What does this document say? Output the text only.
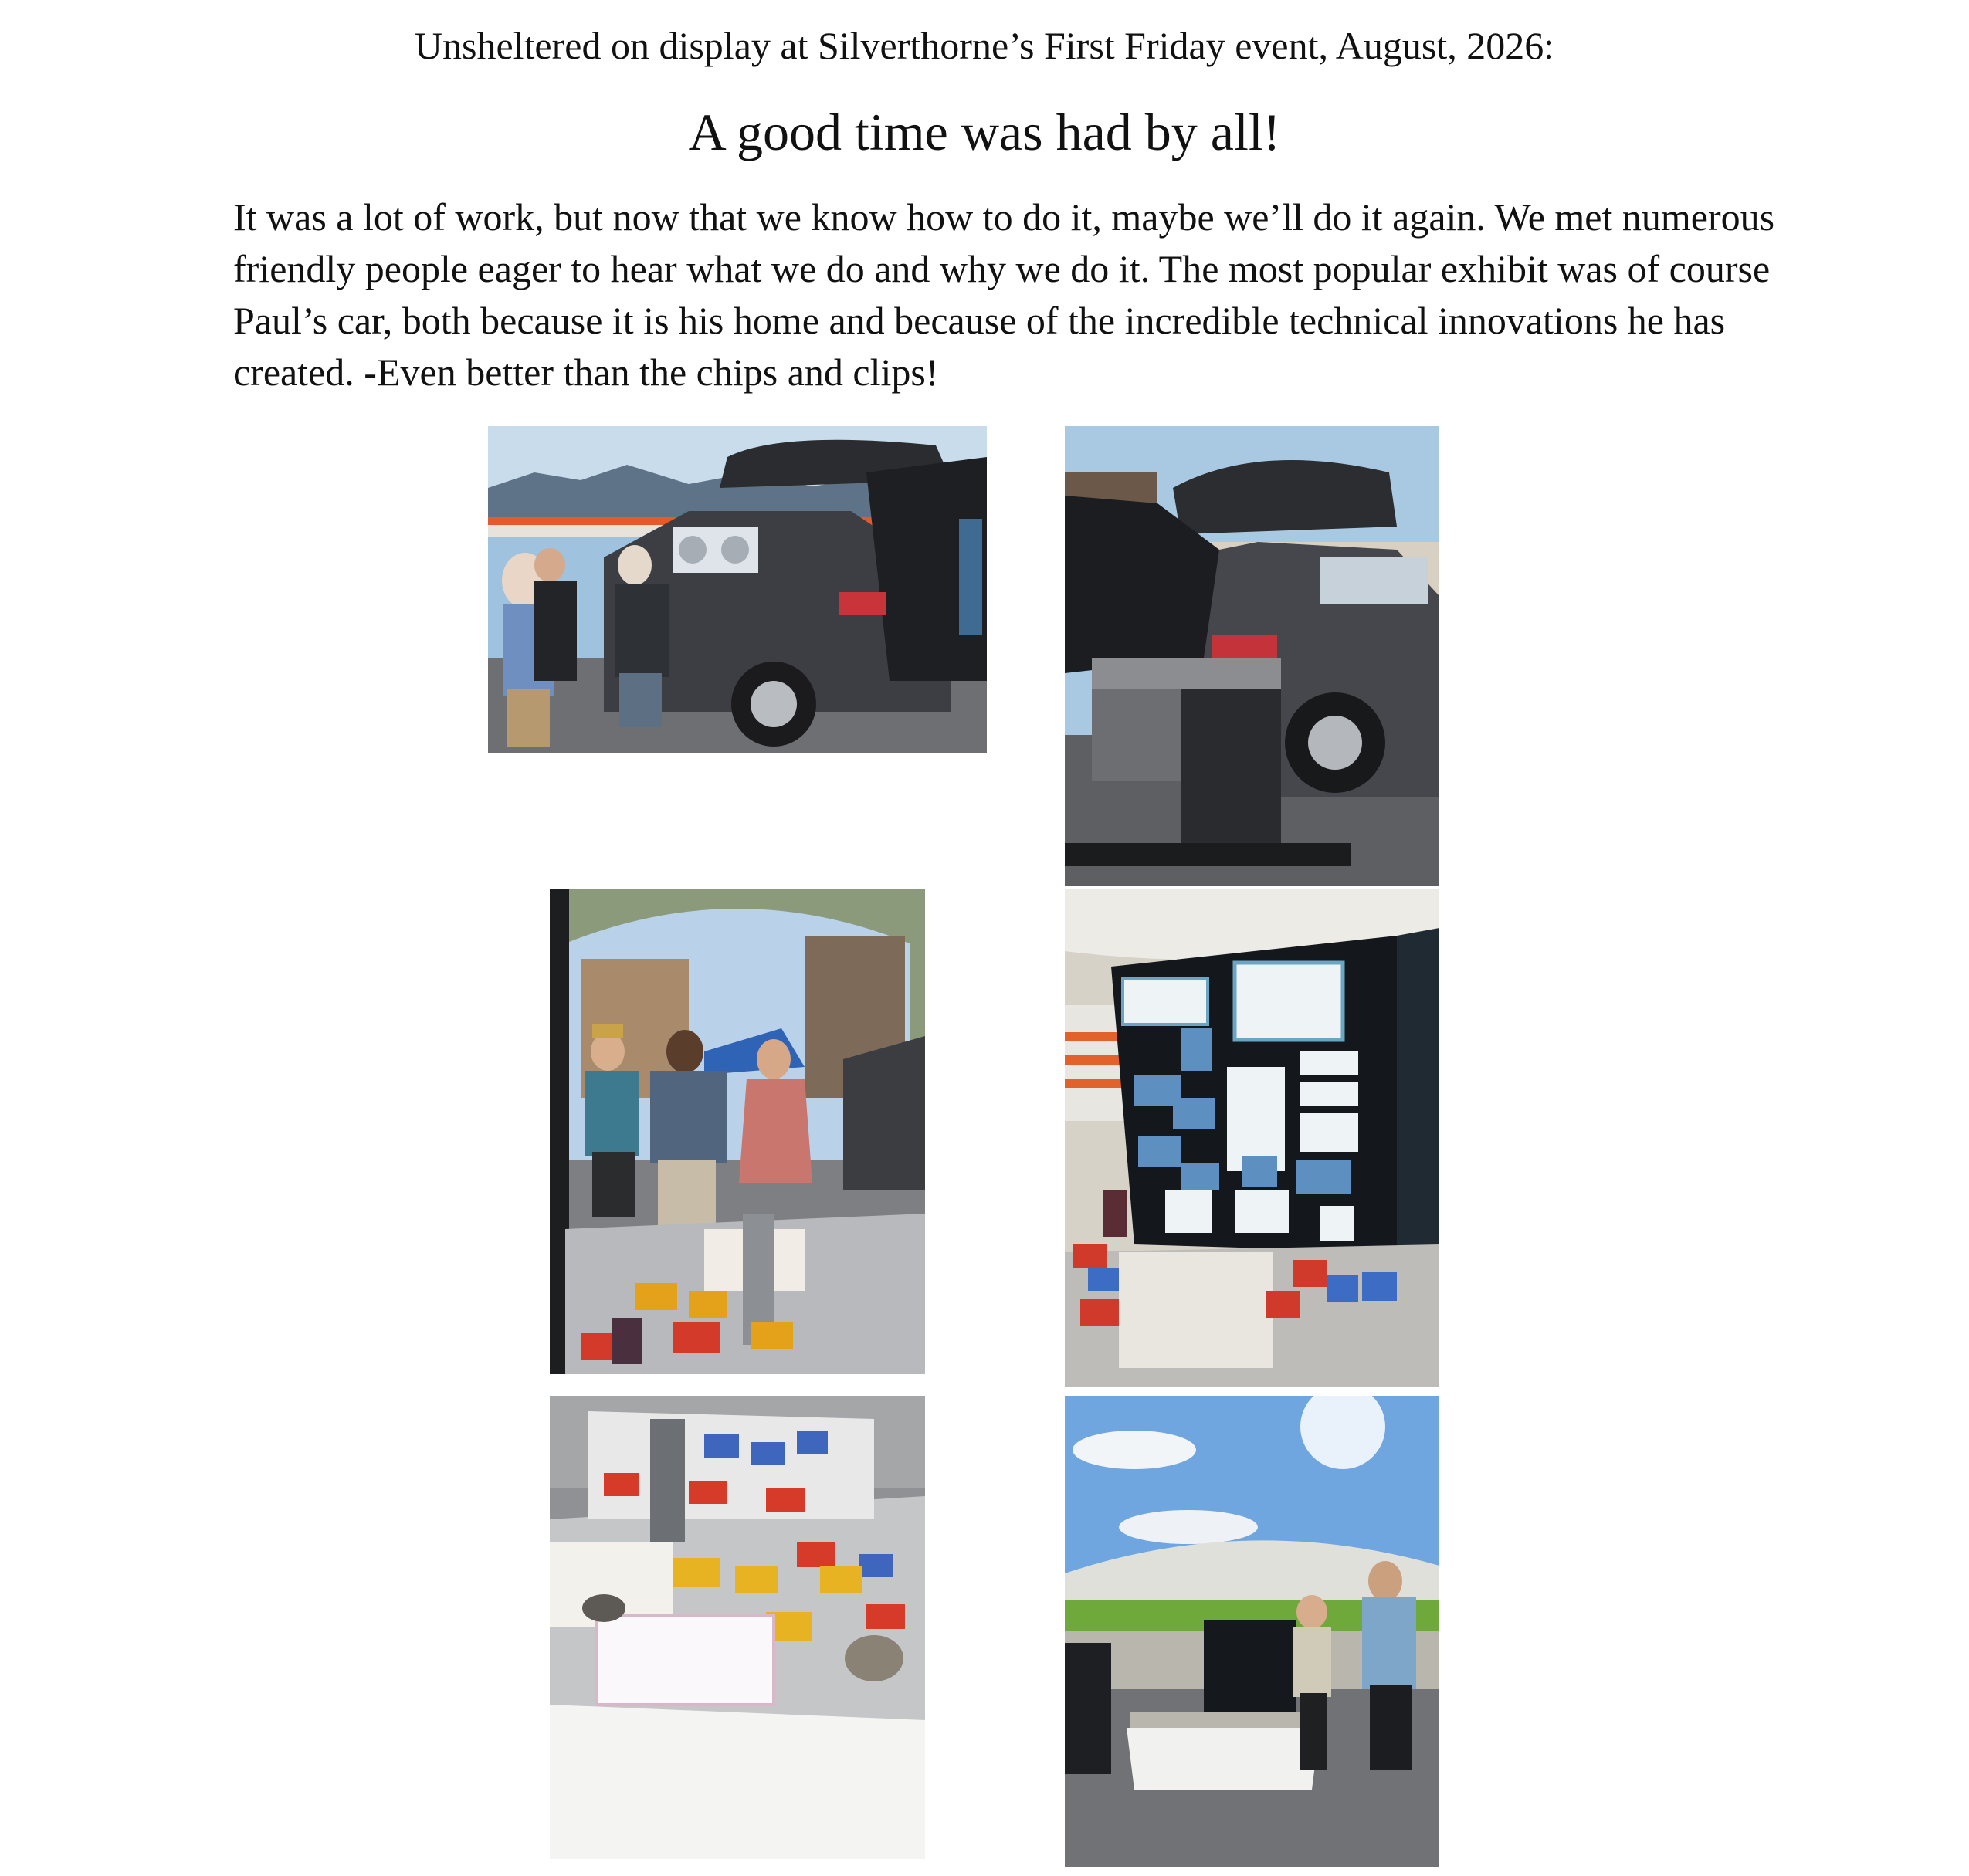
Unsheltered on display at Silverthorne’s First Friday event, August, 2026:
A good time was had by all!

It was a lot of work, but now that we know how to do it, maybe we’ll do it again. We met numerous friendly people eager to hear what we do and why we do it. The most popular exhibit was of course Paul’s car, both because it is his home and because of the incredible technical innovations he has created. -Even better than the chips and clips!
